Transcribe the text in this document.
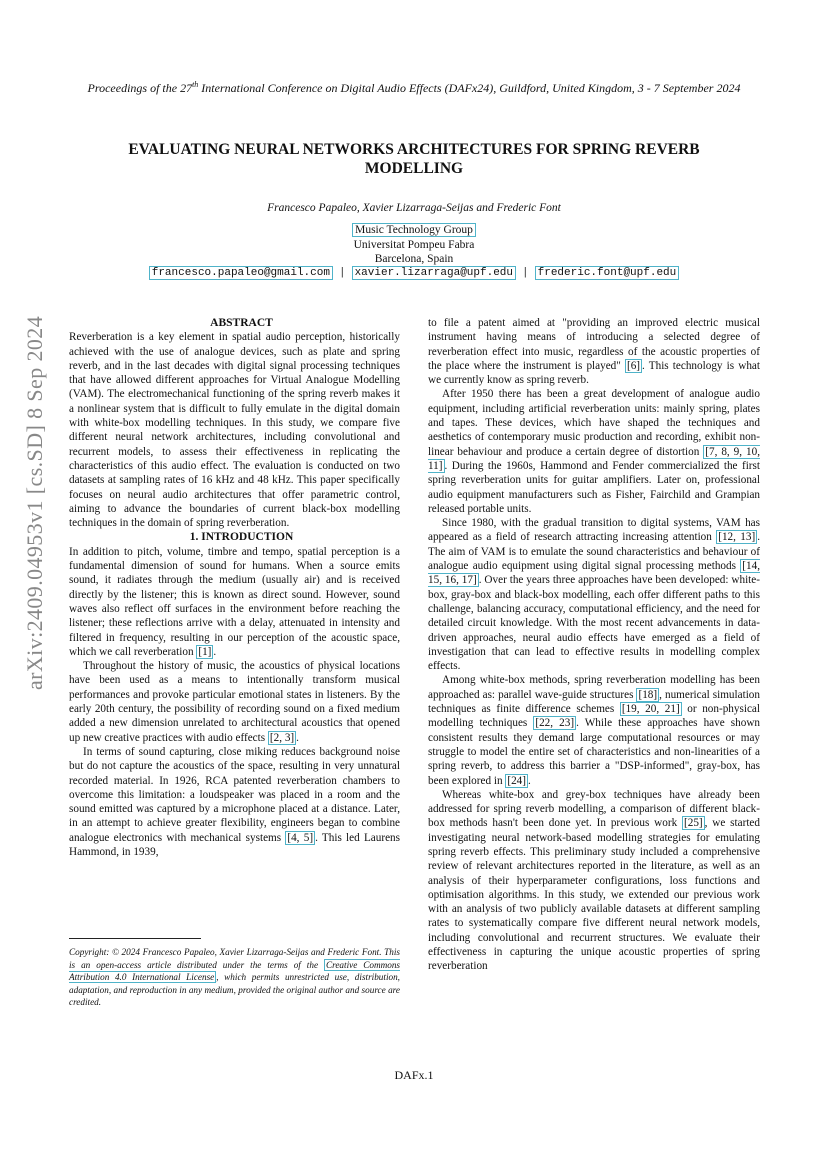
Proceedings of the 27th International Conference on Digital Audio Effects (DAFx24), Guildford, United Kingdom, 3 - 7 September 2024
EVALUATING NEURAL NETWORKS ARCHITECTURES FOR SPRING REVERB MODELLING
Francesco Papaleo, Xavier Lizarraga-Seijas and Frederic Font
Music Technology Group
Universitat Pompeu Fabra
Barcelona, Spain
francesco.papaleo@gmail.com | xavier.lizarraga@upf.edu | frederic.font@upf.edu
arXiv:2409.04953v1 [cs.SD] 8 Sep 2024	ABSTRACT

Reverberation is a key element in spatial audio perception, historically achieved with the use of analogue devices, such as plate and spring reverb, and in the last decades with digital signal processing techniques that have allowed different approaches for Virtual Analogue Modelling (VAM). The electromechanical functioning of the spring reverb makes it a nonlinear system that is difficult to fully emulate in the digital domain with white-box modelling techniques. In this study, we compare five different neural network architectures, including convolutional and recurrent models, to assess their effectiveness in replicating the characteristics of this audio effect. The evaluation is conducted on two datasets at sampling rates of 16 kHz and 48 kHz. This paper specifically focuses on neural audio architectures that offer parametric control, aiming to advance the boundaries of current black-box modelling techniques in the domain of spring reverberation.

1. INTRODUCTION

In addition to pitch, volume, timbre and tempo, spatial perception is a fundamental dimension of sound for humans. When a source emits sound, it radiates through the medium (usually air) and is received directly by the listener; this is known as direct sound. However, sound waves also reflect off surfaces in the environment before reaching the listener; these reflections arrive with a delay, attenuated in intensity and filtered in frequency, resulting in our perception of the acoustic space, which we call reverberation [1] .

Throughout the history of music, the acoustics of physical locations have been used as a means to intentionally transform musical performances and provoke particular emotional states in listeners. By the early 20th century, the possibility of recording sound on a fixed medium added a new dimension unrelated to architectural acoustics that opened up new creative practices with audio effects [2, 3] .

In terms of sound capturing, close miking reduces background noise but do not capture the acoustics of the space, resulting in very unnatural recorded material. In 1926, RCA patented reverberation chambers to overcome this limitation: a loudspeaker was placed in a room and the sound emitted was captured by a microphone placed at a distance. Later, in an attempt to achieve greater flexibility, engineers began to combine analogue electronics with mechanical systems [4, 5] . This led Laurens Hammond, in 1939,

Copyright: © 2024 Francesco Papaleo, Xavier Lizarraga-Seijas and Frederic Font. This is an open-access article distributed under the terms of the Creative Commons Attribution 4.0 International License , which permits unrestricted use, distribution, adaptation, and reproduction in any medium, provided the original author and source are credited.

to file a patent aimed at "providing an improved electric musical instrument having means of introducing a selected degree of reverberation effect into music, regardless of the acoustic properties of the place where the instrument is played" [6] . This technology is what we currently know as spring reverb.

After 1950 there has been a great development of analogue audio equipment, including artificial reverberation units: mainly spring, plates and tapes. These devices, which have shaped the techniques and aesthetics of contemporary music production and recording, exhibit non-linear behaviour and produce a certain degree of distortion [7, 8, 9, 10, 11] . During the 1960s, Hammond and Fender commercialized the first spring reverberation units for guitar amplifiers. Later on, professional audio equipment manufacturers such as Fisher, Fairchild and Grampian released portable units.

Since 1980, with the gradual transition to digital systems, VAM has appeared as a field of research attracting increasing attention [12, 13] . The aim of VAM is to emulate the sound characteristics and behaviour of analogue audio equipment using digital signal processing methods [14, 15, 16, 17] . Over the years three approaches have been developed: white-box, gray-box and black-box modelling, each offer different paths to this challenge, balancing accuracy, computational efficiency, and the need for detailed circuit knowledge. With the most recent advancements in data-driven approaches, neural audio effects have emerged as a field of investigation that can lead to effective results in modelling complex effects.

Among white-box methods, spring reverberation modelling has been approached as: parallel wave-guide structures [18] , numerical simulation techniques as finite difference schemes [19, 20, 21] or non-physical modelling techniques [22, 23] . While these approaches have shown consistent results they demand large computational resources or may struggle to model the entire set of characteristics and non-linearities of a spring reverb, to address this barrier a "DSP-informed", gray-box, has been explored in [24] .

Whereas white-box and grey-box techniques have already been addressed for spring reverb modelling, a comparison of different black-box methods hasn't been done yet. In previous work [25] , we started investigating neural network-based modelling strategies for emulating spring reverb effects. This preliminary study included a comprehensive review of relevant architectures reported in the literature, as well as an analysis of their hyperparameter configurations, loss functions and optimisation algorithms. In this study, we extended our previous work with an analysis of two publicly available datasets at different sampling rates to systematically compare five different neural network models, including convolutional and recurrent structures. We evaluate their effectiveness in capturing the unique acoustic properties of spring reverberation

DAFx.1
